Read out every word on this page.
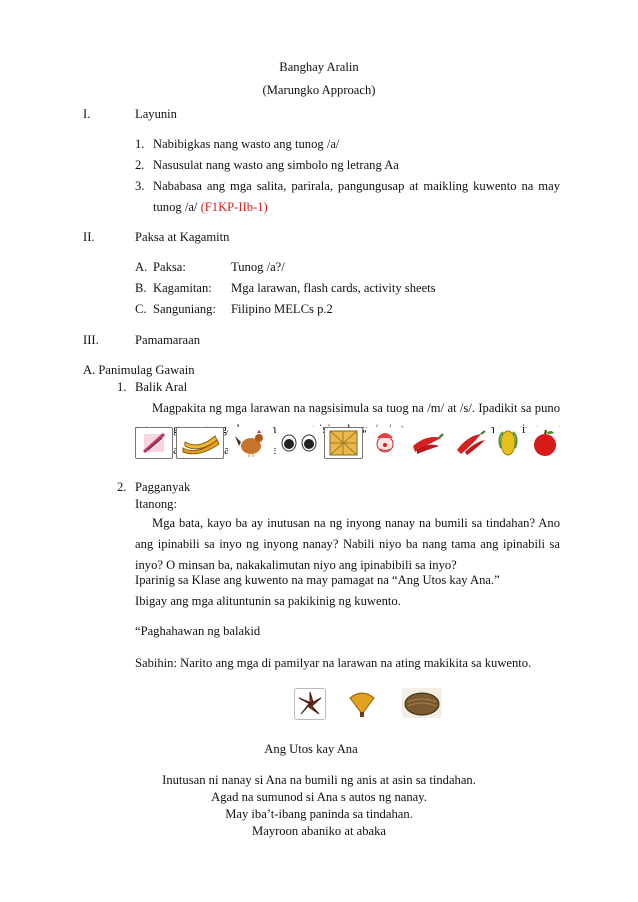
Banghay Aralin
(Marungko Approach)
I.	Layunin
1. Nabibigkas nang wasto ang tunog /a/
2. Nasusulat nang wasto ang simbolo ng letrang Aa
3. Nababasa ang mga salita, parirala, pangungusap at maikling kuwento na may tunog /a/ (F1KP-IIb-1)
II.	Paksa at Kagamitn
A. Paksa:	Tunog /a?/
B. Kagamitan: Mga larawan, flash cards, activity sheets
C. Sanguniang: Filipino MELCs p.2
III.	Pamamaraan
A. Panimulag Gawain
1. Balik Aral
Magpakita ng mga larawan na nagsisimula sa tuog na /m/ at /s/. Ipadikit sa puno
2. Pagganyak
Itanong:
Mga bata, kayo ba ay inutusan na ng inyong nanay na bumili sa tindahan? Ano ang ipinabili sa inyo ng inyong nanay? Nabili niyo ba nang tama ang ipinabili sa inyo? O minsan ba, nakakalimutan niyo ang ipinabibili sa inyo?
Iparinig sa Klase ang kuwento na may pamagat na “Ang Utos kay Ana.”
Ibigay ang mga alituntunin sa pakikinig ng kuwento.
“Paghahawan ng balakid
Sabihin: Narito ang mga di pamilyar na larawan na ating makikita sa kuwento.
Ang Utos kay Ana
Inutusan ni nanay si Ana na bumili ng anis at asin sa tindahan.
Agad na sumunod si Ana s autos ng nanay.
May iba’t-ibang paninda sa tindahan.
Mayroon abaniko at abaka
